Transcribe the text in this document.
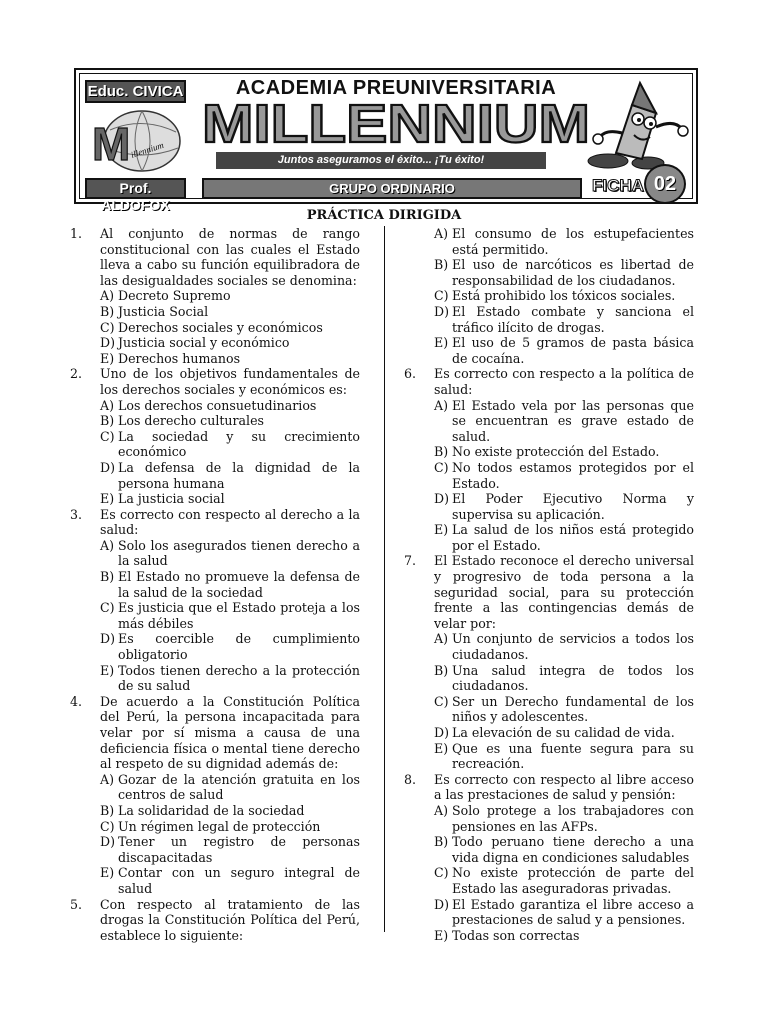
Educ. CIVICA
M illennium
Prof. ALDOFOX
ACADEMIA PREUNIVERSITARIA
MILLENNIUM
Juntos aseguramos el éxito... ¡Tu éxito!
GRUPO ORDINARIO	FICHA 02
PRÁCTICA DIRIGIDA
1.	Al conjunto de normas de rango constitucional con las cuales el Estado lleva a cabo su función equilibradora de las desigualdades sociales se denomina:
A) Decreto Supremo
B) Justicia Social
C) Derechos sociales y económicos
D) Justicia social y económico
E) Derechos humanos
2.	Uno de los objetivos fundamentales de los derechos sociales y económicos es:
A) Los derechos consuetudinarios
B) Los derecho culturales
C) La sociedad y su crecimiento económico
D) La defensa de la dignidad de la persona humana
E) La justicia social
3.	Es correcto con respecto al derecho a la salud:
A) Solo los asegurados tienen derecho a la salud
B) El Estado no promueve la defensa de la salud de la sociedad
C) Es justicia que el Estado proteja a los más débiles
D) Es coercible de cumplimiento obligatorio
E) Todos tienen derecho a la protección de su salud
4.	De acuerdo a la Constitución Política del Perú, la persona incapacitada para velar por sí misma a causa de una deficiencia física o mental tiene derecho al respeto de su dignidad además de:
A) Gozar de la atención gratuita en los centros de salud
B) La solidaridad de la sociedad
C) Un régimen legal de protección
D) Tener un registro de personas discapacitadas
E) Contar con un seguro integral de salud
5.	Con respecto al tratamiento de las drogas la Constitución Política del Perú, establece lo siguiente:
A) El consumo de los estupefacientes está permitido.
B) El uso de narcóticos es libertad de responsabilidad de los ciudadanos.
C) Está prohibido los tóxicos sociales.
D) El Estado combate y sanciona el tráfico ilícito de drogas.
E) El uso de 5 gramos de pasta básica de cocaína.
6.	Es correcto con respecto a la política de salud:
A) El Estado vela por las personas que se encuentran es grave estado de salud.
B) No existe protección del Estado.
C) No todos estamos protegidos por el Estado.
D) El Poder Ejecutivo Norma y supervisa su aplicación.
E) La salud de los niños está protegido por el Estado.
7.	El Estado reconoce el derecho universal y progresivo de toda persona a la seguridad social, para su protección frente a las contingencias demás de velar por:
A) Un conjunto de servicios a todos los ciudadanos.
B) Una salud integra de todos los ciudadanos.
C) Ser un Derecho fundamental de los niños y adolescentes.
D) La elevación de su calidad de vida.
E) Que es una fuente segura para su recreación.
8.	Es correcto con respecto al libre acceso a las prestaciones de salud y pensión:
A) Solo protege a los trabajadores con pensiones en las AFPs.
B) Todo peruano tiene derecho a una vida digna en condiciones saludables
C) No existe protección de parte del Estado las aseguradoras privadas.
D) El Estado garantiza el libre acceso a prestaciones de salud y a pensiones.
E) Todas son correctas
